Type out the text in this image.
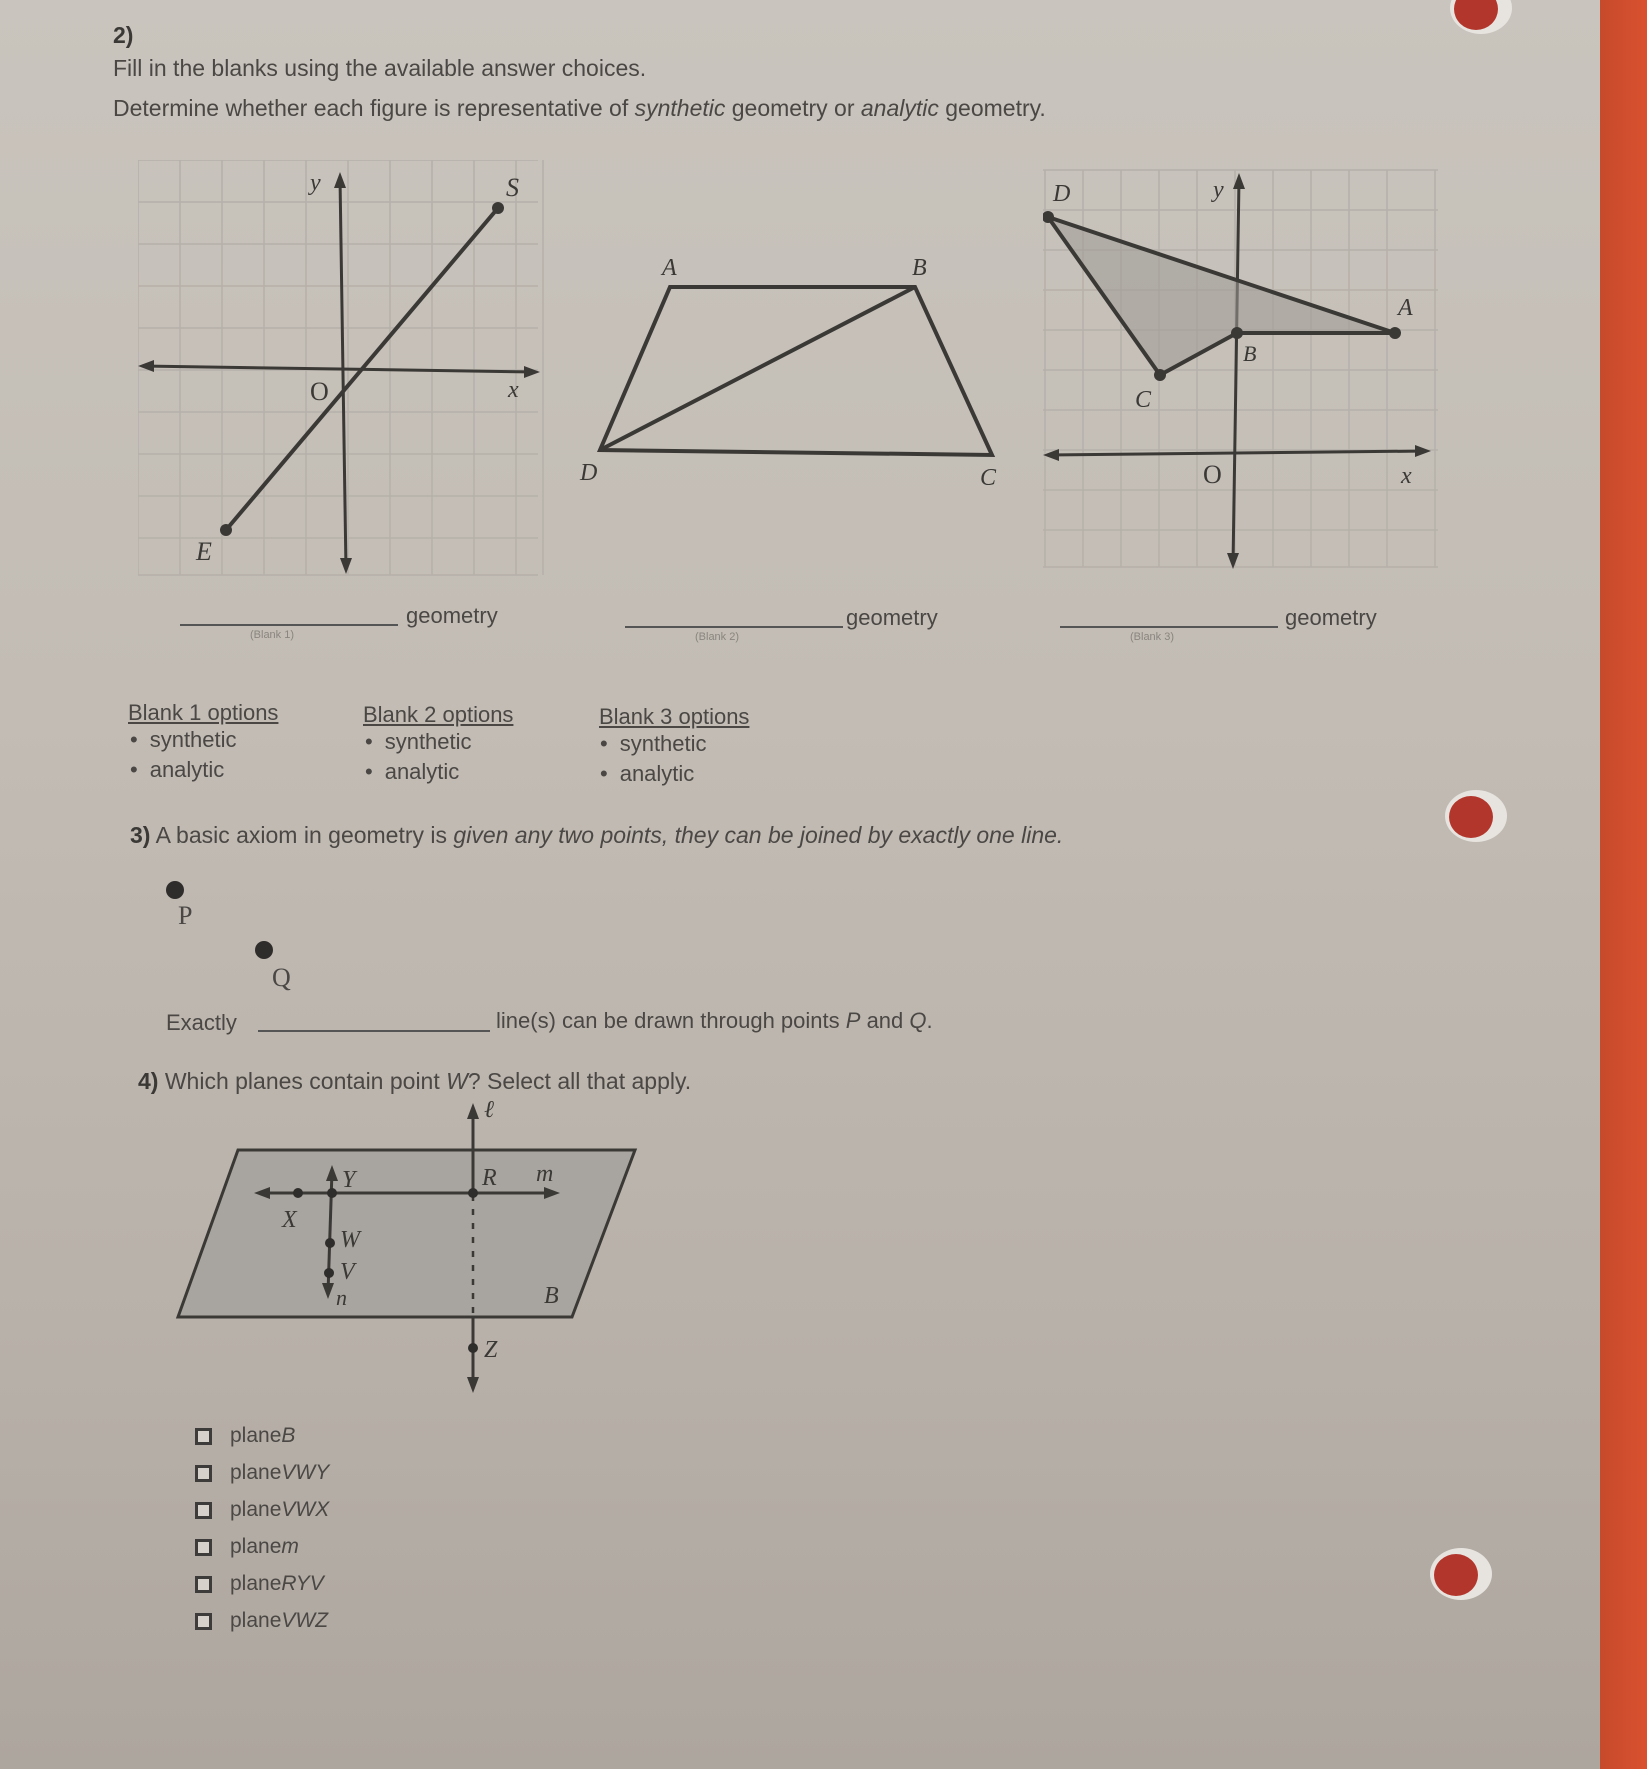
2)
Fill in the blanks using the available answer choices.
Determine whether each figure is representative of synthetic geometry or analytic geometry.
y
x
O
S
E
A	B
C
D
D	y
A
B
C
O	x
(Blank 1)
geometry
(Blank 2)
geometry
(Blank 3)
geometry
Blank 1 options
• synthetic
• analytic
Blank 2 options
• synthetic
• analytic
Blank 3 options
• synthetic
• analytic
3) A basic axiom in geometry is given any two points, they can be joined by exactly one line.
P
Q
Exactly	line(s) can be drawn through points P and Q.
4) Which planes contain point W? Select all that apply.
ℓ
Y	R m
X
W
V
n	B
Z
plane B
plane VWY
plane VWX
plane m
plane RYV
plane VWZ
